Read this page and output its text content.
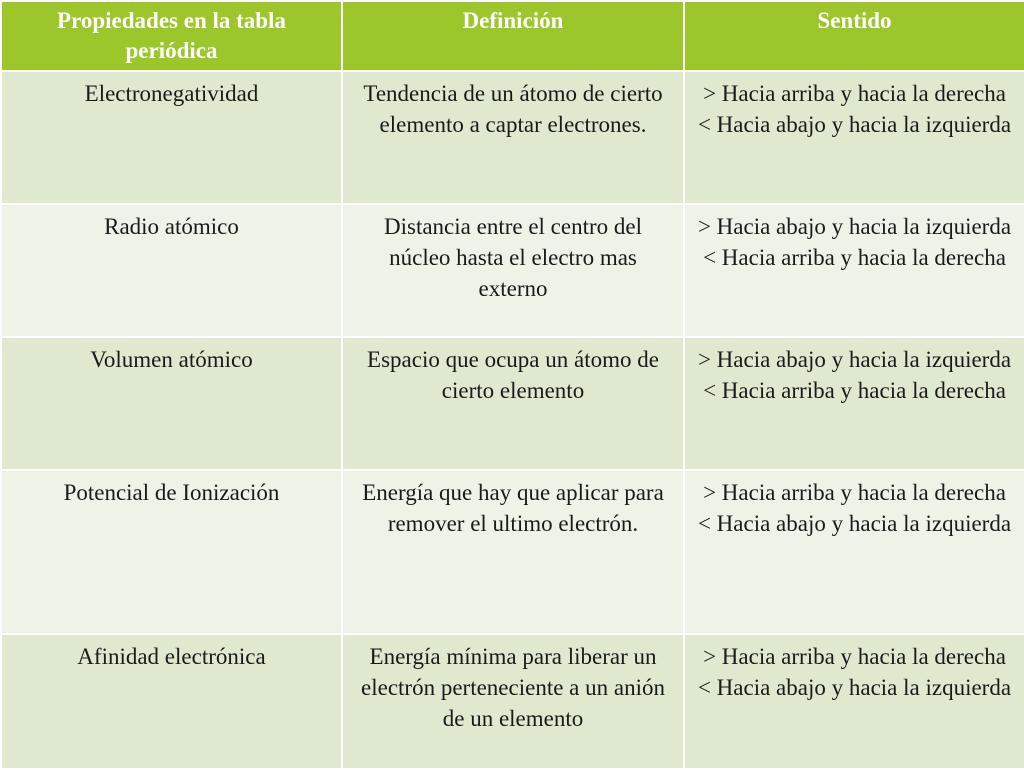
Propiedades en la tabla periódica	Definición	Sentido
Electronegatividad	Tendencia de un átomo de cierto elemento a captar electrones.	> Hacia arriba y hacia la derecha
< Hacia abajo y hacia la izquierda

Radio atómico	Distancia entre el centro del núcleo hasta el electro mas externo	> Hacia abajo y hacia la izquierda
< Hacia arriba y hacia la derecha

Volumen atómico	Espacio que ocupa un átomo de cierto elemento	> Hacia abajo y hacia la izquierda
< Hacia arriba y hacia la derecha

Potencial de Ionización	Energía que hay que aplicar para remover el ultimo electrón.	> Hacia arriba y hacia la derecha
< Hacia abajo y hacia la izquierda

Afinidad electrónica	Energía mínima para liberar un electrón perteneciente a un anión de un elemento	> Hacia arriba y hacia la derecha
< Hacia abajo y hacia la izquierda
